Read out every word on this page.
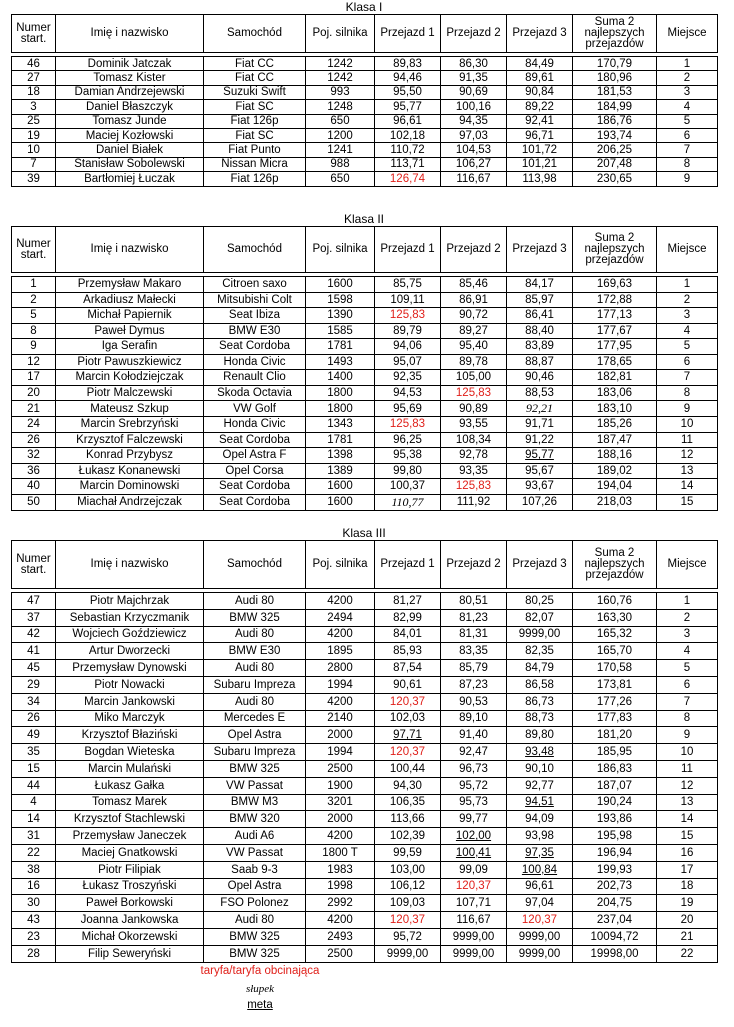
Klasa I
Numer start.	Imię i nazwisko	Samochód	Poj. silnika	Przejazd 1	Przejazd 2	Przejazd 3	Suma 2 najlepszych przejazdów	Miejsce

46	Dominik Jatczak	Fiat CC	1242	89,83	86,30	84,49	170,79	1
27	Tomasz Kister	Fiat CC	1242	94,46	91,35	89,61	180,96	2
18	Damian Andrzejewski	Suzuki Swift	993	95,50	90,69	90,84	181,53	3
3	Daniel Błaszczyk	Fiat SC	1248	95,77	100,16	89,22	184,99	4
25	Tomasz Junde	Fiat 126p	650	96,61	94,35	92,41	186,76	5
19	Maciej Kozłowski	Fiat SC	1200	102,18	97,03	96,71	193,74	6
10	Daniel Białek	Fiat Punto	1241	110,72	104,53	101,72	206,25	7
7	Stanisław Sobolewski	Nissan Micra	988	113,71	106,27	101,21	207,48	8
39	Bartłomiej Łuczak	Fiat 126p	650	126,74	116,67	113,98	230,65	9
Klasa II
Numer start.	Imię i nazwisko	Samochód	Poj. silnika	Przejazd 1	Przejazd 2	Przejazd 3	Suma 2 najlepszych przejazdów	Miejsce

1	Przemysław Makaro	Citroen saxo	1600	85,75	85,46	84,17	169,63	1
2	Arkadiusz Małecki	Mitsubishi Colt	1598	109,11	86,91	85,97	172,88	2
5	Michał Papiernik	Seat Ibiza	1390	125,83	90,72	86,41	177,13	3
8	Paweł Dymus	BMW E30	1585	89,79	89,27	88,40	177,67	4
9	Iga Serafin	Seat Cordoba	1781	94,06	95,40	83,89	177,95	5
12	Piotr Pawuszkiewicz	Honda Civic	1493	95,07	89,78	88,87	178,65	6
17	Marcin Kołodziejczak	Renault Clio	1400	92,35	105,00	90,46	182,81	7
20	Piotr Malczewski	Skoda Octavia	1800	94,53	125,83	88,53	183,06	8
21	Mateusz Szkup	VW Golf	1800	95,69	90,89	92,21	183,10	9
24	Marcin Srebrzyński	Honda Civic	1343	125,83	93,55	91,71	185,26	10
26	Krzysztof Falczewski	Seat Cordoba	1781	96,25	108,34	91,22	187,47	11
32	Konrad Przybysz	Opel Astra F	1398	95,38	92,78	95,77	188,16	12
36	Łukasz Konanewski	Opel Corsa	1389	99,80	93,35	95,67	189,02	13
40	Marcin Dominowski	Seat Cordoba	1600	100,37	125,83	93,67	194,04	14
50	Miachał Andrzejczak	Seat Cordoba	1600	110,77	111,92	107,26	218,03	15
Klasa III
Numer start.	Imię i nazwisko	Samochód	Poj. silnika	Przejazd 1	Przejazd 2	Przejazd 3	Suma 2 najlepszych przejazdów	Miejsce

47	Piotr Majchrzak	Audi 80	4200	81,27	80,51	80,25	160,76	1
37	Sebastian Krzyczmanik	BMW 325	2494	82,99	81,23	82,07	163,30	2
42	Wojciech Goździewicz	Audi 80	4200	84,01	81,31	9999,00	165,32	3
41	Artur Dworzecki	BMW E30	1895	85,93	83,35	82,35	165,70	4
45	Przemysław Dynowski	Audi 80	2800	87,54	85,79	84,79	170,58	5
29	Piotr Nowacki	Subaru Impreza	1994	90,61	87,23	86,58	173,81	6
34	Marcin Jankowski	Audi 80	4200	120,37	90,53	86,73	177,26	7
26	Miko Marczyk	Mercedes E	2140	102,03	89,10	88,73	177,83	8
49	Krzysztof Błaziński	Opel Astra	2000	97,71	91,40	89,80	181,20	9
35	Bogdan Wieteska	Subaru Impreza	1994	120,37	92,47	93,48	185,95	10
15	Marcin Mulański	BMW 325	2500	100,44	96,73	90,10	186,83	11
44	Łukasz Gałka	VW Passat	1900	94,30	95,72	92,77	187,07	12
4	Tomasz Marek	BMW M3	3201	106,35	95,73	94,51	190,24	13
14	Krzysztof Stachlewski	BMW 320	2000	113,66	99,77	94,09	193,86	14
31	Przemysław Janeczek	Audi A6	4200	102,39	102,00	93,98	195,98	15
22	Maciej Gnatkowski	VW Passat	1800 T	99,59	100,41	97,35	196,94	16
38	Piotr Filipiak	Saab 9-3	1983	103,00	99,09	100,84	199,93	17
16	Łukasz Troszyński	Opel Astra	1998	106,12	120,37	96,61	202,73	18
30	Paweł Borkowski	FSO Polonez	2992	109,03	107,71	97,04	204,75	19
43	Joanna Jankowska	Audi 80	4200	120,37	116,67	120,37	237,04	20
23	Michał Okorzewski	BMW 325	2493	95,72	9999,00	9999,00	10094,72	21
28	Filip Seweryński	BMW 325	2500	9999,00	9999,00	9999,00	19998,00	22
taryfa/taryfa obcinająca
słupek
meta
